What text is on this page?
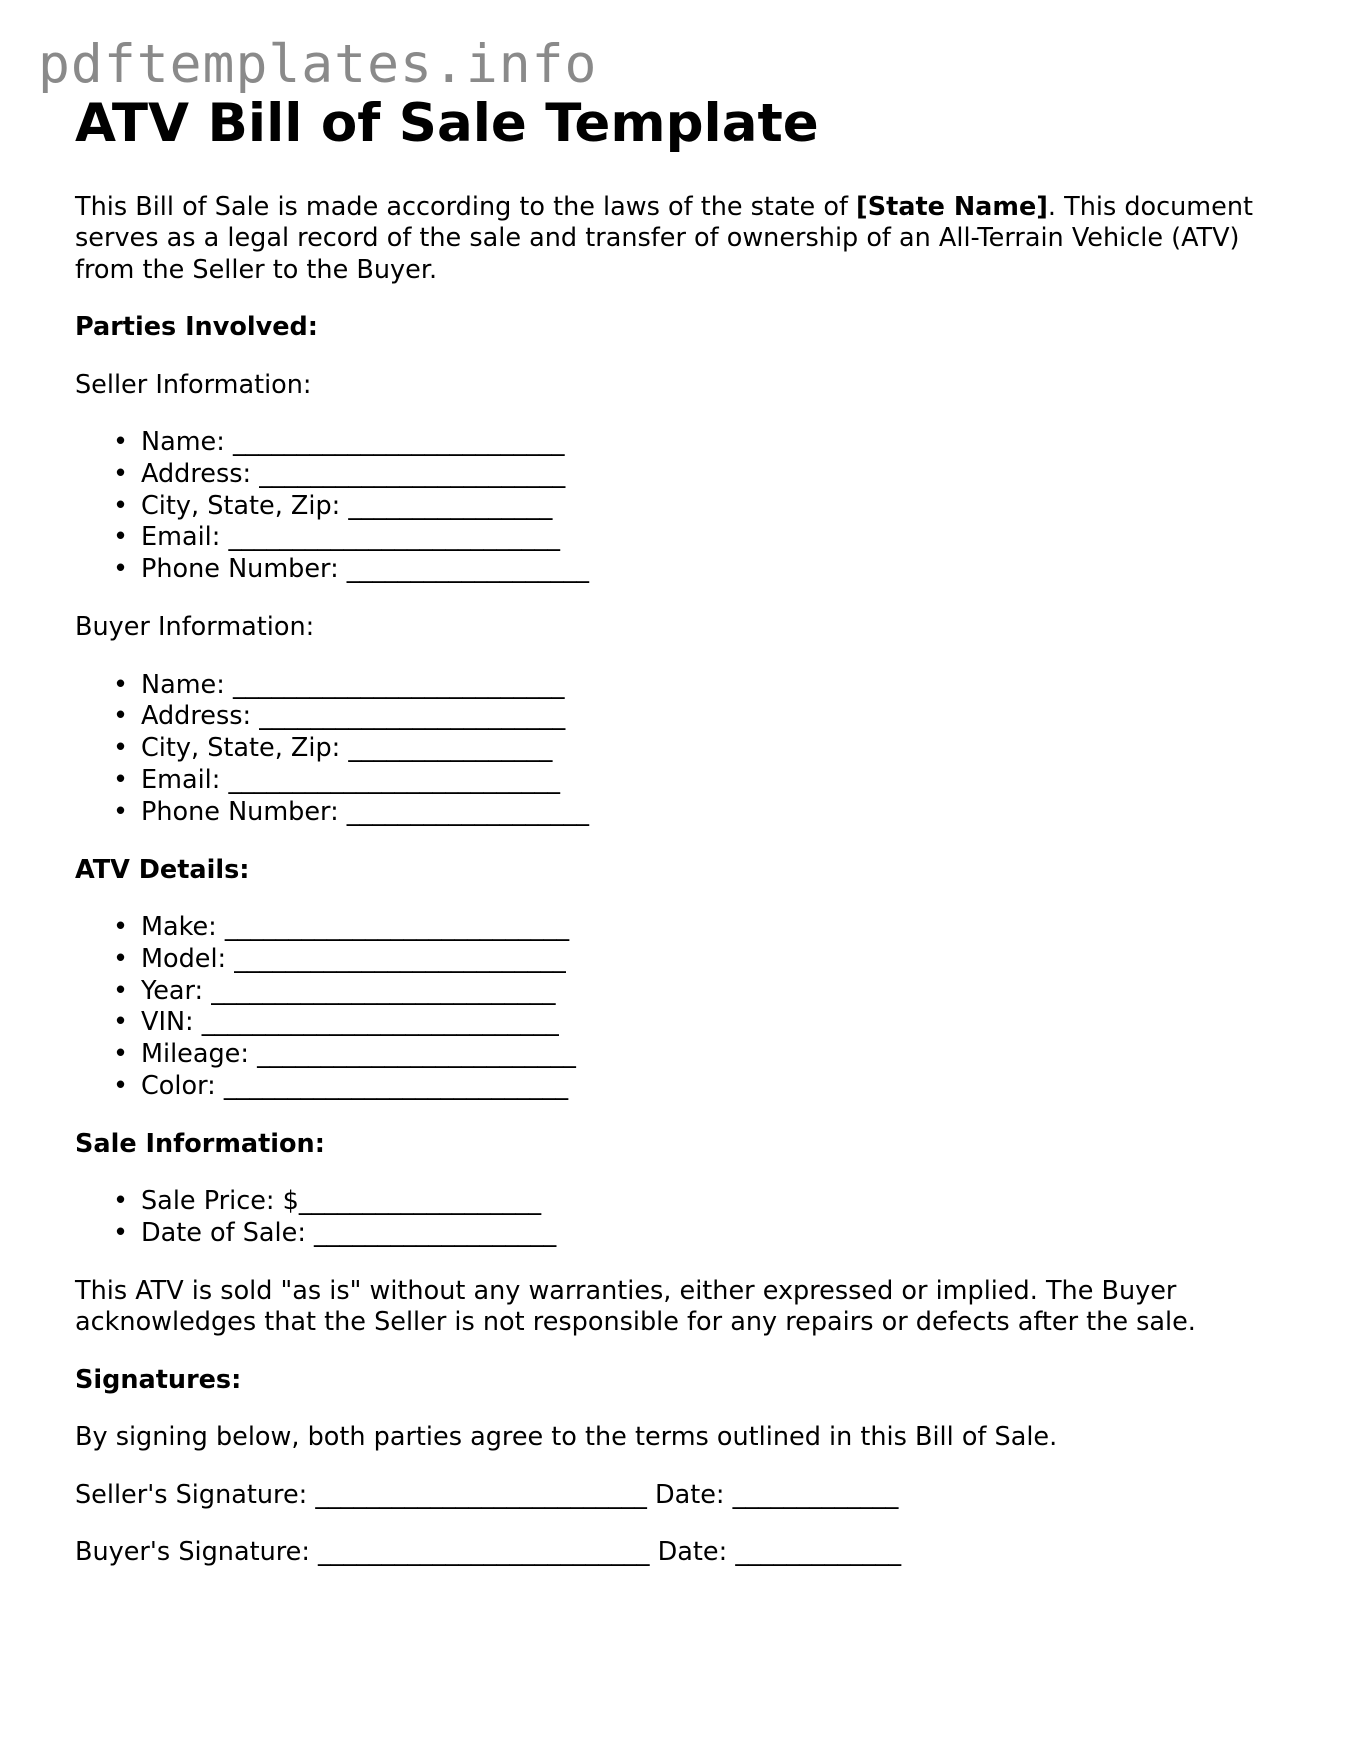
pdftemplates.info
ATV Bill of Sale Template

This Bill of Sale is made according to the laws of the state of [State Name]. This document serves as a legal record of the sale and transfer of ownership of an All-Terrain Vehicle (ATV) from the Seller to the Buyer.

Parties Involved:

Seller Information:

• Name: __________________________
• Address: ________________________
• City, State, Zip: ________________
• Email: __________________________
• Phone Number: ___________________

Buyer Information:

• Name: __________________________
• Address: ________________________
• City, State, Zip: ________________
• Email: __________________________
• Phone Number: ___________________

ATV Details:

• Make: ___________________________
• Model: __________________________
• Year: ___________________________
• VIN: ____________________________
• Mileage: _________________________
• Color: ___________________________

Sale Information:

• Sale Price: $___________________
• Date of Sale: ___________________

This ATV is sold "as is" without any warranties, either expressed or implied. The Buyer acknowledges that the Seller is not responsible for any repairs or defects after the sale.

Signatures:

By signing below, both parties agree to the terms outlined in this Bill of Sale.

Seller's Signature: __________________________ Date: _____________

Buyer's Signature: __________________________ Date: _____________
